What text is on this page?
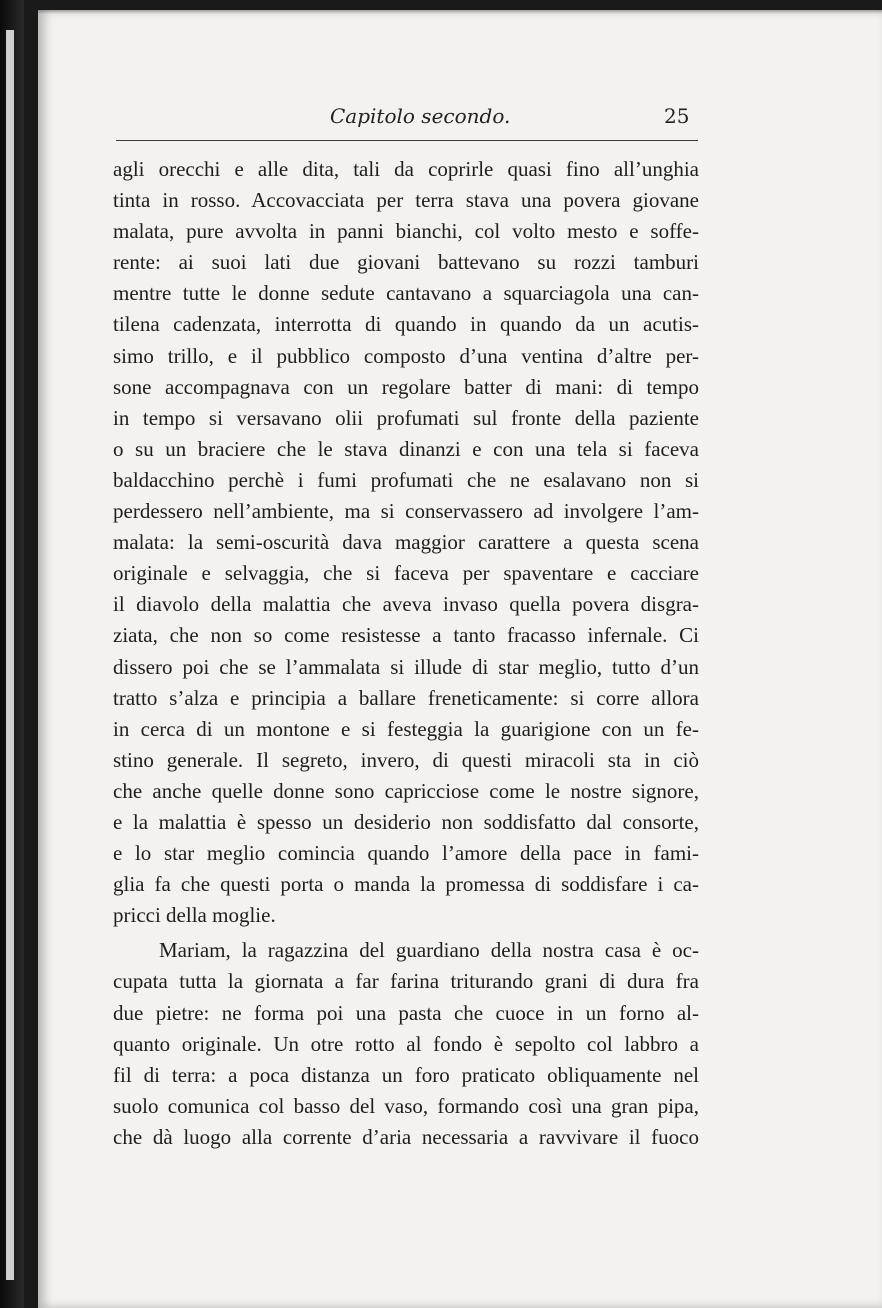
Capitolo secondo.	25
agli orecchi e alle dita, tali da coprirle quasi fino all’unghia
tinta in rosso. Accovacciata per terra stava una povera giovane
malata, pure avvolta in panni bianchi, col volto mesto e soffe-
rente: ai suoi lati due giovani battevano su rozzi tamburi
mentre tutte le donne sedute cantavano a squarciagola una can-
tilena cadenzata, interrotta di quando in quando da un acutis-
simo trillo, e il pubblico composto d’una ventina d’altre per-
sone accompagnava con un regolare batter di mani: di tempo
in tempo si versavano olii profumati sul fronte della paziente
o su un braciere che le stava dinanzi e con una tela si faceva
baldacchino perchè i fumi profumati che ne esalavano non si
perdessero nell’ambiente, ma si conservassero ad involgere l’am-
malata: la semi-oscurità dava maggior carattere a questa scena
originale e selvaggia, che si faceva per spaventare e cacciare
il diavolo della malattia che aveva invaso quella povera disgra-
ziata, che non so come resistesse a tanto fracasso infernale. Ci
dissero poi che se l’ammalata si illude di star meglio, tutto d’un
tratto s’alza e principia a ballare freneticamente: si corre allora
in cerca di un montone e si festeggia la guarigione con un fe-
stino generale. Il segreto, invero, di questi miracoli sta in ciò
che anche quelle donne sono capricciose come le nostre signore,
e la malattia è spesso un desiderio non soddisfatto dal consorte,
e lo star meglio comincia quando l’amore della pace in fami-
glia fa che questi porta o manda la promessa di soddisfare i ca-
pricci della moglie.
Mariam, la ragazzina del guardiano della nostra casa è oc-
cupata tutta la giornata a far farina triturando grani di dura fra
due pietre: ne forma poi una pasta che cuoce in un forno al-
quanto originale. Un otre rotto al fondo è sepolto col labbro a
fil di terra: a poca distanza un foro praticato obliquamente nel
suolo comunica col basso del vaso, formando così una gran pipa,
che dà luogo alla corrente d’aria necessaria a ravvivare il fuoco
